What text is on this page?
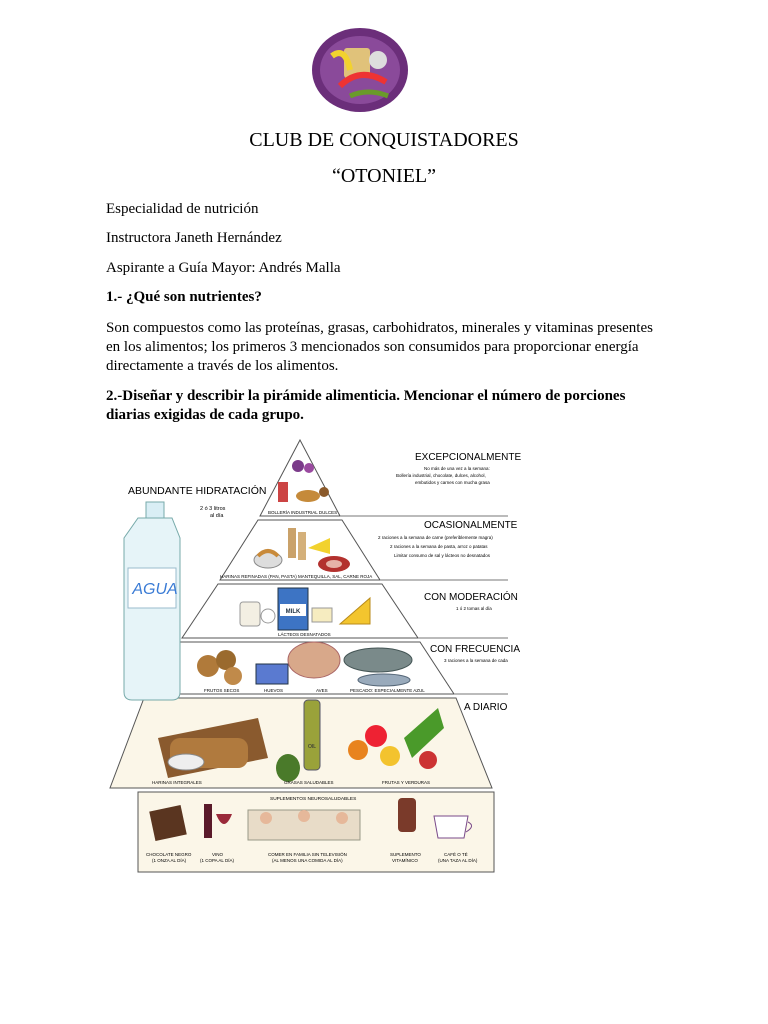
CLUB DE CONQUISTADORES
“OTONIEL”
Especialidad de nutrición
Instructora Janeth Hernández
Aspirante a Guía Mayor: Andrés Malla
1.- ¿Qué son nutrientes?
Son compuestos como las proteínas, grasas, carbohidratos, minerales y vitaminas presentes en los alimentos; los primeros 3 mencionados son consumidos para proporcionar energía directamente a través de los alimentos.
2.-Diseñar y describir la pirámide alimenticia. Mencionar el número de porciones diarias exigidas de cada grupo.
AGUA
ABUNDANTE HIDRATACIÓN
2 ó 3 litros
al día
BOLLERÍA INDUSTRIAL DULCES
EXCEPCIONALMENTE
No más de una vez a la semana:
Bollería industrial, chocolate, dulces, alcohol,
embutidos y carnes con mucha grasa
HARINAS REFINADAS (PAN, PASTA) MANTEQUILLA, SAL, CARNE ROJA
OCASIONALMENTE
2 raciones a la semana de carne (preferiblemente magra)
2 raciones a la semana de pasta, arroz o patatas
Limitar consumo de sal y lácteos no desnatados
MILK
LÁCTEOS DESNATADOS
CON MODERACIÓN
1 ó 2 tomas al día
FRUTOS SECOS	HUEVOS	AVES	PESCADO: ESPECIALMENTE AZUL
CON FRECUENCIA
3 raciones a la semana de cada
OIL
HARINAS INTEGRALES	GRASAS SALUDABLES	FRUTAS Y VERDURAS
A DIARIO
SUPLEMENTOS NEUROSALUDABLES
CHOCOLATE NEGRO
(1 ONZA AL DÍA)
VINO
(1 COPA AL DÍA)
COMER EN FAMILIA SIN TELEVISIÓN
(AL MENOS UNA COMIDA AL DÍA)
SUPLEMENTO
VITAMÍNICO
CAFÉ O TÉ
(UNA TAZA AL DÍA)
